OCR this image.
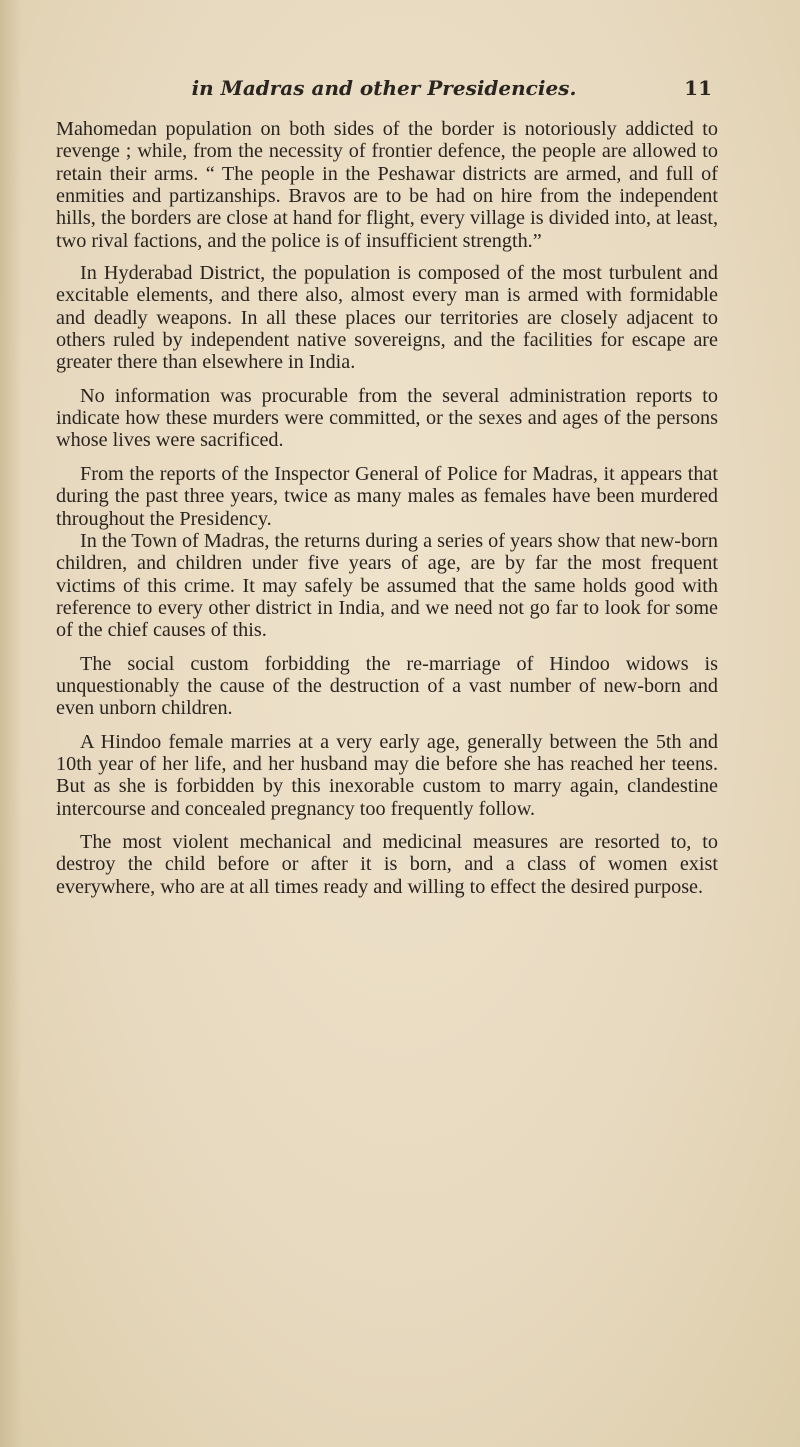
in Madras and other Presidencies.	11

Mahomedan population on both sides of the border is notoriously addicted to revenge ; while, from the necessity of frontier defence, the people are allowed to retain their arms. “ The people in the Peshawar districts are armed, and full of enmities and partizanships. Bravos are to be had on hire from the independent hills, the borders are close at hand for flight, every village is divided into, at least, two rival factions, and the police is of insufficient strength.”

In Hyderabad District, the population is composed of the most turbulent and excitable elements, and there also, almost every man is armed with formidable and deadly weapons. In all these places our territories are closely adjacent to others ruled by independent native sovereigns, and the facilities for escape are greater there than elsewhere in India.

No information was procurable from the several administration reports to indicate how these murders were committed, or the sexes and ages of the persons whose lives were sacrificed.

From the reports of the Inspector General of Police for Madras, it appears that during the past three years, twice as many males as females have been murdered throughout the Presidency.

In the Town of Madras, the returns during a series of years show that new-born children, and children under five years of age, are by far the most frequent victims of this crime. It may safely be assumed that the same holds good with reference to every other district in India, and we need not go far to look for some of the chief causes of this.

The social custom forbidding the re-marriage of Hindoo widows is unquestionably the cause of the destruction of a vast number of new-born and even unborn children.

A Hindoo female marries at a very early age, generally between the 5th and 10th year of her life, and her husband may die before she has reached her teens. But as she is forbidden by this inexorable custom to marry again, clandestine intercourse and concealed pregnancy too frequently follow.

The most violent mechanical and medicinal measures are resorted to, to destroy the child before or after it is born, and a class of women exist everywhere, who are at all times ready and willing to effect the desired purpose.
